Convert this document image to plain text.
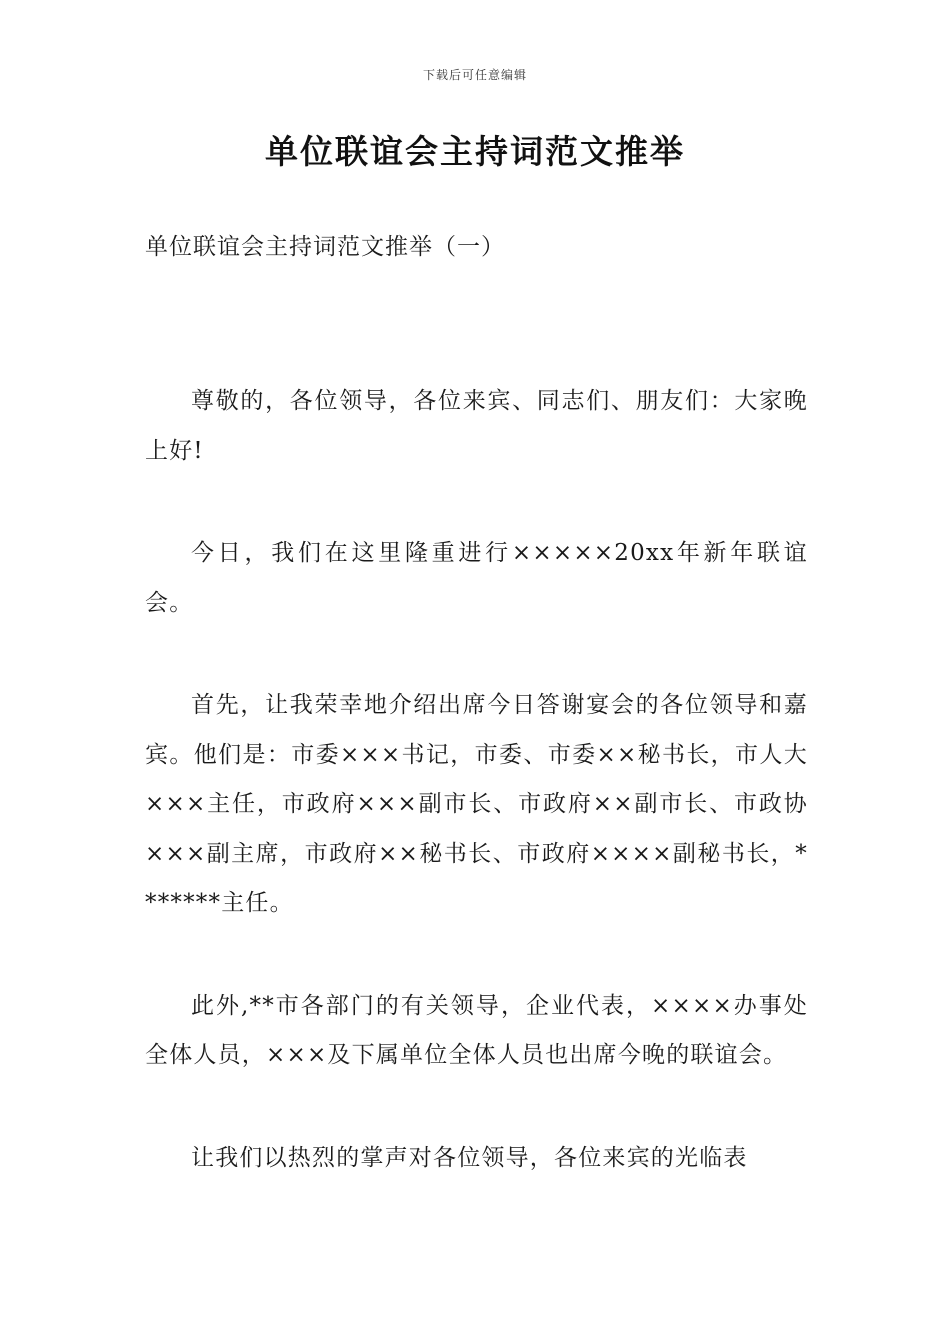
下载后可任意编辑
单位联谊会主持词范文推举
单位联谊会主持词范文推举（一）

尊敬的，各位领导，各位来宾、同志们、朋友们：大家晚上好!

今日，我们在这里隆重进行×××××20xx年新年联谊会。

首先，让我荣幸地介绍出席今日答谢宴会的各位领导和嘉宾。他们是：市委×××书记，市委、市委××秘书长，市人大×××主任，市政府×××副市长、市政府××副市长、市政协×××副主席，市政府××秘书长、市政府××××副秘书长，*******主任。

此外,**市各部门的有关领导，企业代表，××××办事处全体人员，×××及下属单位全体人员也出席今晚的联谊会。

让我们以热烈的掌声对各位领导，各位来宾的光临表
